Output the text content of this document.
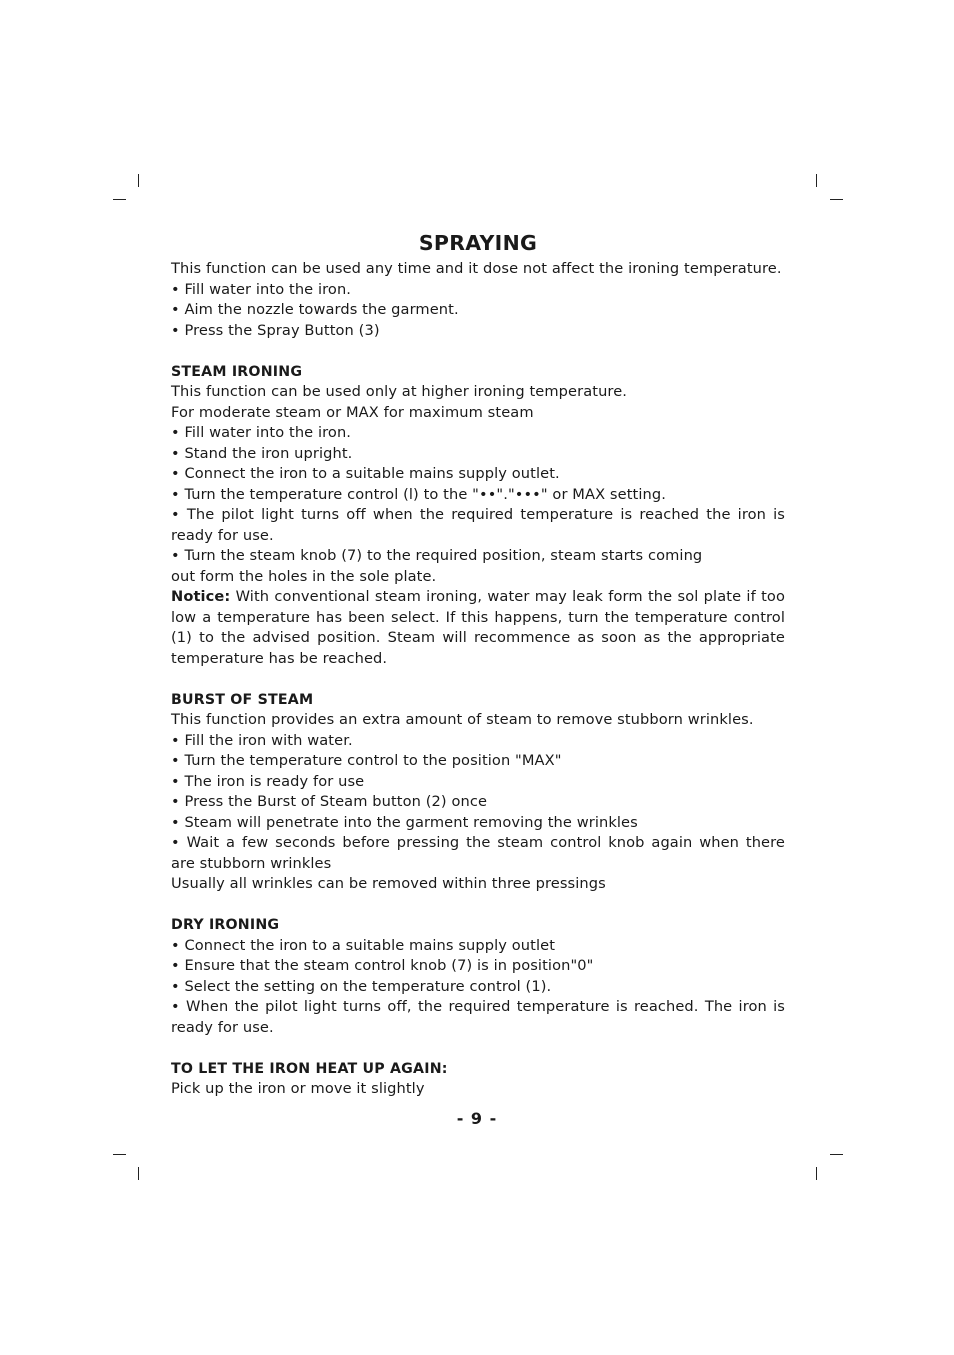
SPRAYING
This function can be used any time and it dose not affect the ironing temperature.
• Fill water into the iron.
• Aim the nozzle towards the garment.
• Press the Spray Button (3)
STEAM IRONING
This function can be used only at higher ironing temperature.
For moderate steam or MAX for maximum steam
• Fill water into the iron.
• Stand the iron upright.
• Connect the iron to a suitable mains supply outlet.
• Turn the temperature control (l) to the "••"."•••" or MAX setting.
• The pilot light turns off when the required temperature is reached the iron is ready for use.
• Turn the steam knob (7) to the required position, steam starts coming
out form the holes in the sole plate.
Notice: With conventional steam ironing, water may leak form the sol plate if too low a temperature has been select. If this happens, turn the temperature control (1) to the advised position. Steam will recommence as soon as the appropriate temperature has be reached.
BURST OF STEAM
This function provides an extra amount of steam to remove stubborn wrinkles.
• Fill the iron with water.
• Turn the temperature control to the position "MAX"
• The iron is ready for use
• Press the Burst of Steam button (2) once
• Steam will penetrate into the garment removing the wrinkles
• Wait a few seconds before pressing the steam control knob again when there are stubborn wrinkles
Usually all wrinkles can be removed within three pressings
DRY IRONING
• Connect the iron to a suitable mains supply outlet
• Ensure that the steam control knob (7) is in position"0"
• Select the setting on the temperature control (1).
• When the pilot light turns off, the required temperature is reached. The iron is ready for use.
TO LET THE IRON HEAT UP AGAIN:
Pick up the iron or move it slightly
- 9 -
